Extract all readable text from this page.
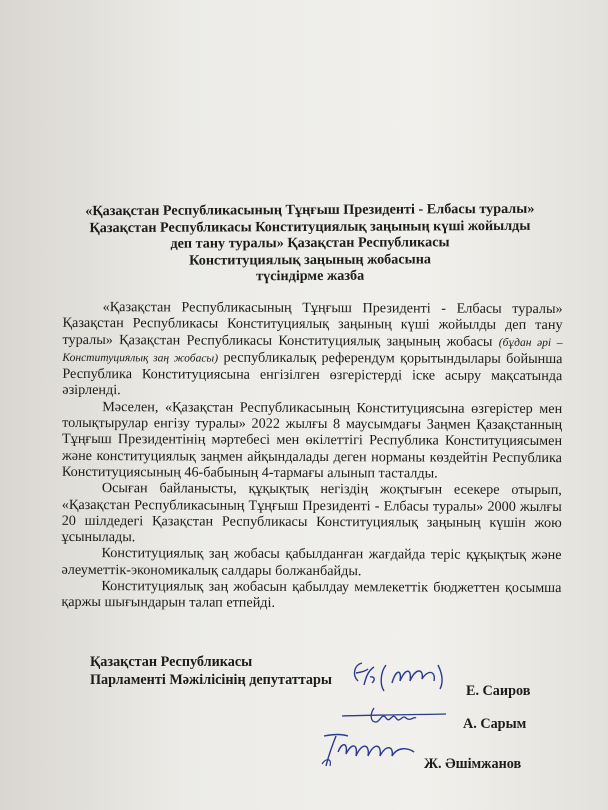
«Қазақстан Республикасының Тұңғыш Президенті - Елбасы туралы»
Қазақстан Республикасы Конституциялық заңының күші жойылды
деп тану туралы» Қазақстан Республикасы
Конституциялық заңының жобасына
түсіндірме жазба

«Қазақстан Республикасының Тұңғыш Президенті - Елбасы туралы» Қазақстан Республикасы Конституциялық заңының күші жойылды деп тану туралы» Қазақстан Республикасы Конституциялық заңының жобасы (бұдан әрі – Конституциялық заң жобасы) республикалық референдум қорытындылары бойынша Республика Конституциясына енгізілген өзгерістерді іске асыру мақсатында әзірленді.

Мәселен, «Қазақстан Республикасының Конституциясына өзгерістер мен толықтырулар енгізу туралы» 2022 жылғы 8 маусымдағы Заңмен Қазақстанның Тұңғыш Президентінің мәртебесі мен өкілеттігі Республика Конституциясымен және конституциялық заңмен айқындалады деген норманы көздейтін Республика Конституциясының 46-бабының 4-тармағы алынып тасталды.

Осыған байланысты, құқықтық негіздің жоқтығын есекере отырып, «Қазақстан Республикасының Тұңғыш Президенті - Елбасы туралы» 2000 жылғы 20 шілдедегі Қазақстан Республикасы Конституциялық заңының күшін жою ұсынылады.

Конституциялық заң жобасы қабылданған жағдайда теріс құқықтық және әлеуметтік-экономикалық салдары болжанбайды.

Конституциялық заң жобасын қабылдау мемлекеттік бюджеттен қосымша қаржы шығындарын талап етпейді.

Қазақстан Республикасы
Парламенті Мәжілісінің депутаттары
Е. Саиров
А. Сарым
Ж. Әшімжанов
